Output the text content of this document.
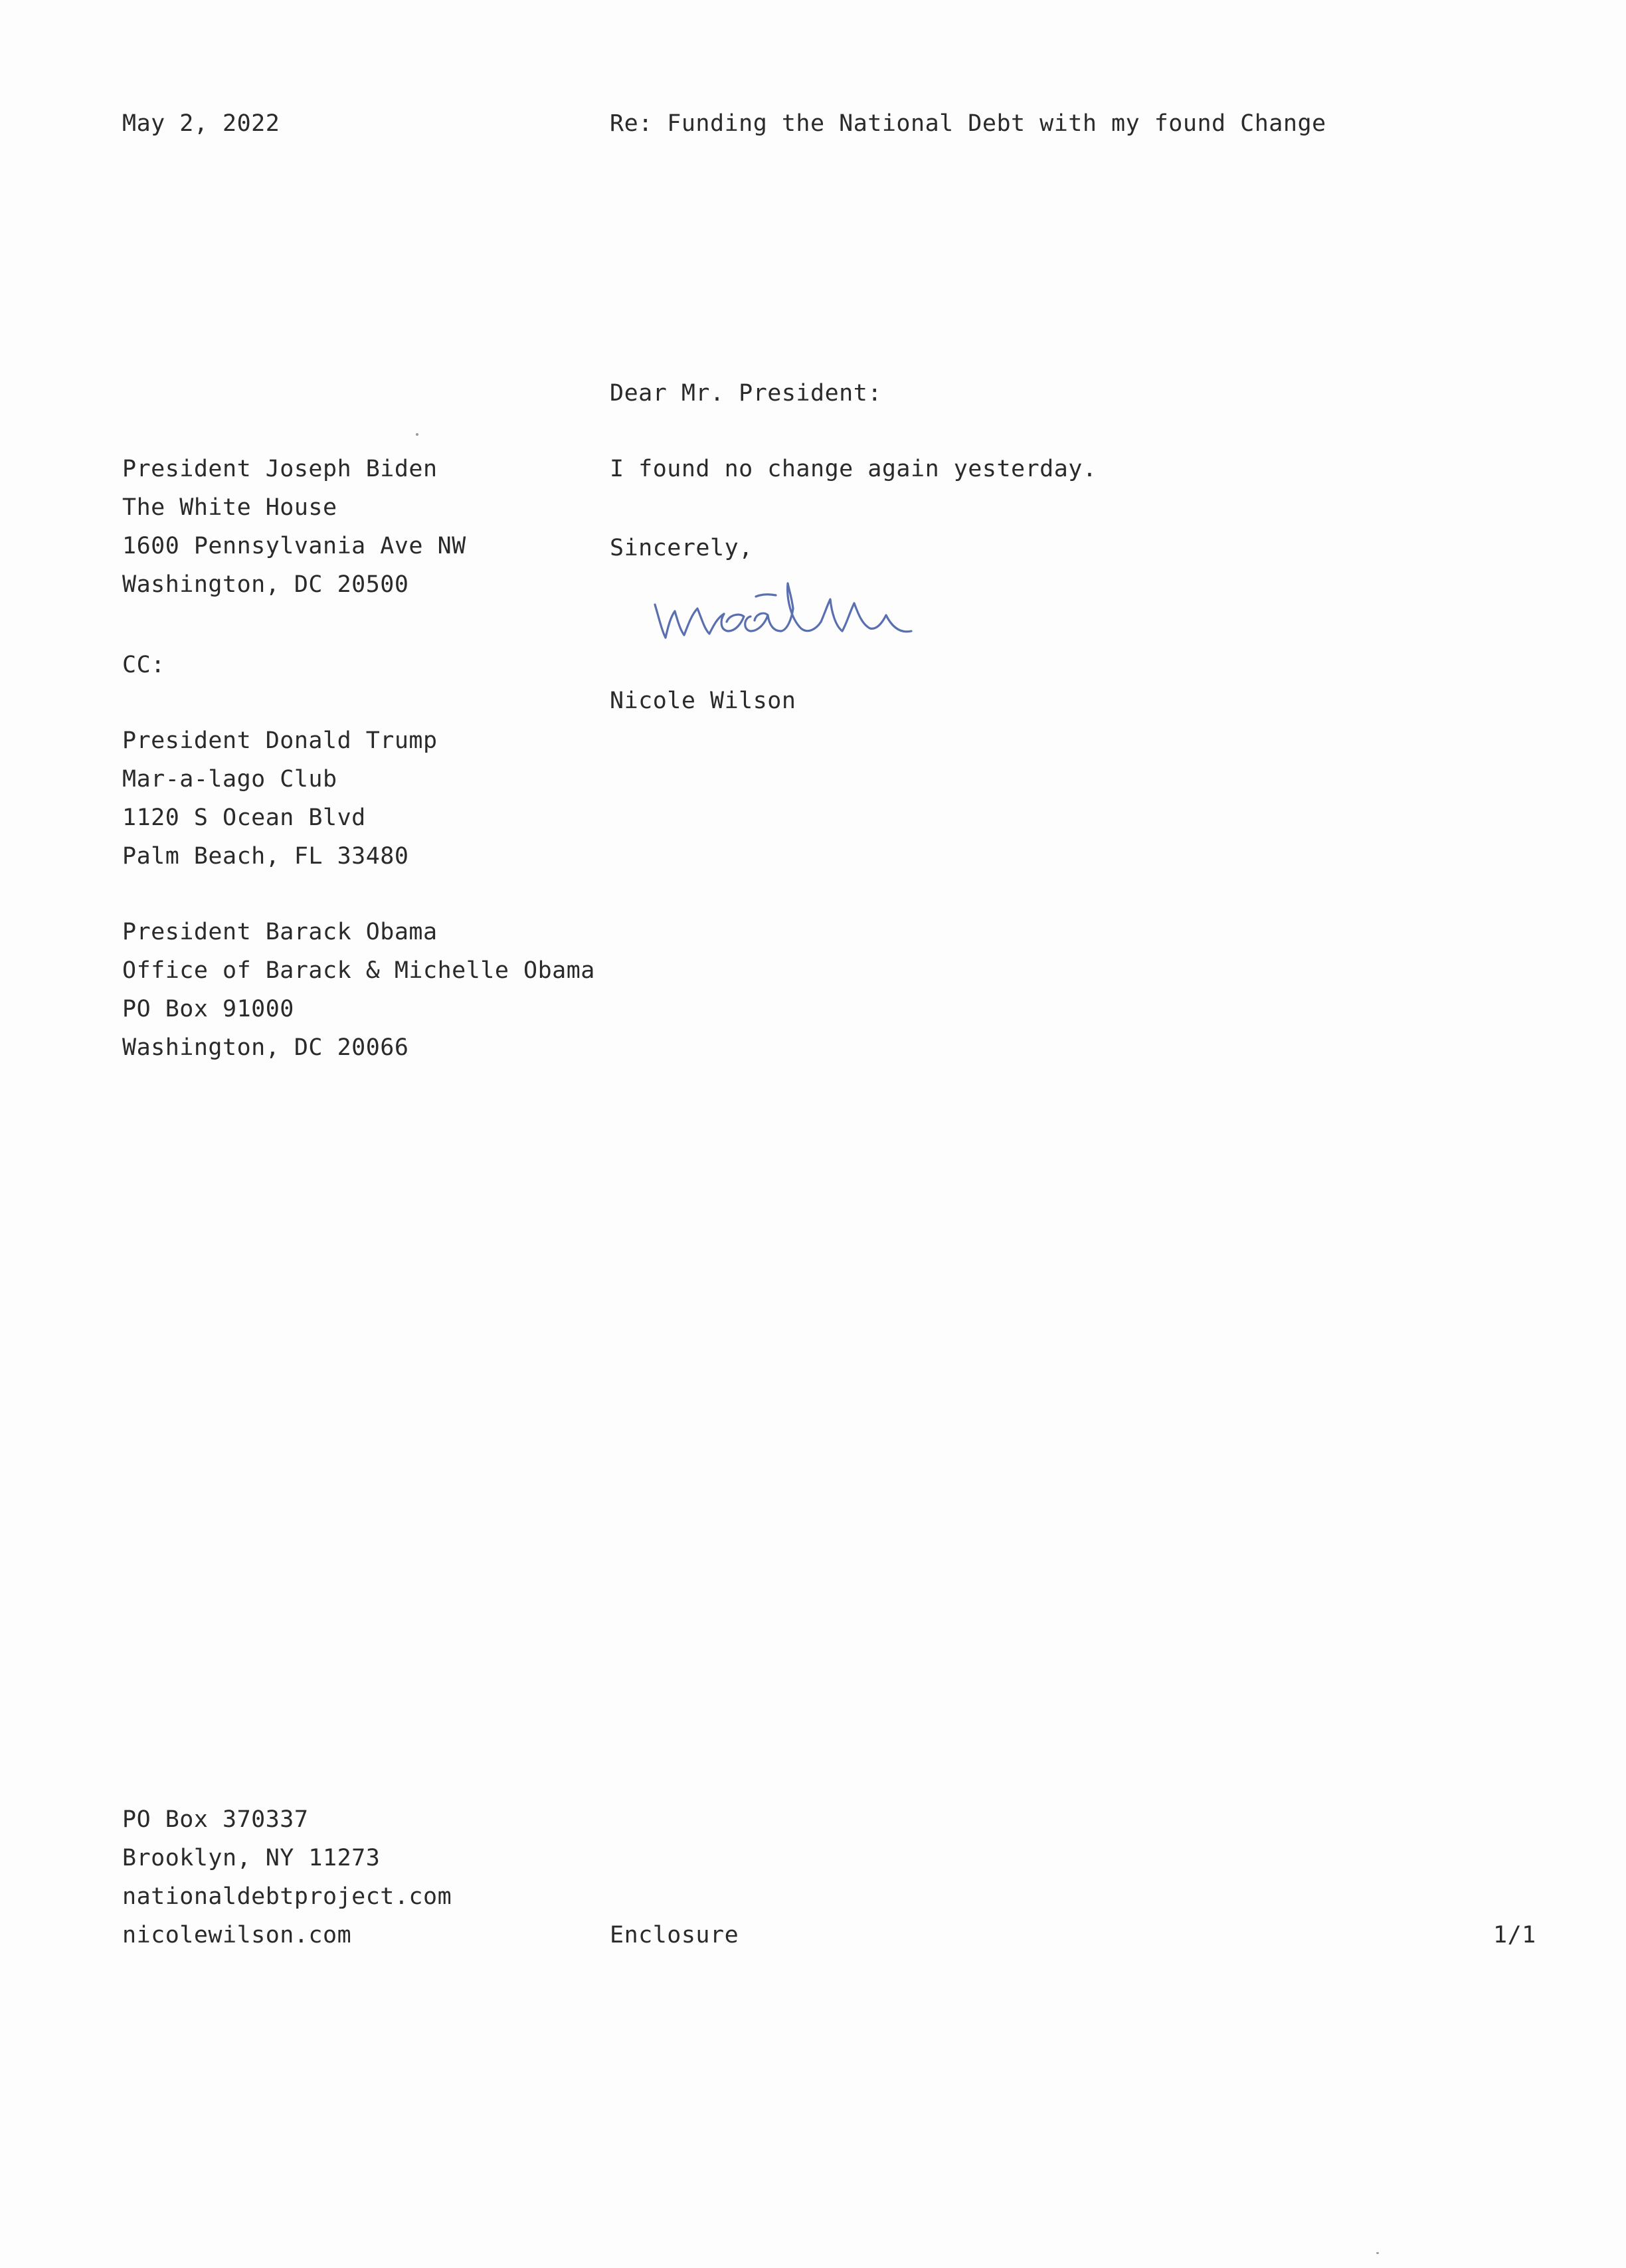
May 2, 2022	Re: Funding the National Debt with my found Change
Dear Mr. President:
President Joseph Biden
The White House
1600 Pennsylvania Ave NW
Washington, DC 20500
I found no change again yesterday.
Sincerely,
Nicole Wilson
CC:
President Donald Trump
Mar-a-lago Club
1120 S Ocean Blvd
Palm Beach, FL 33480
President Barack Obama
Office of Barack & Michelle Obama
PO Box 91000
Washington, DC 20066
PO Box 370337
Brooklyn, NY 11273
nationaldebtproject.com
nicolewilson.com	Enclosure	1/1
